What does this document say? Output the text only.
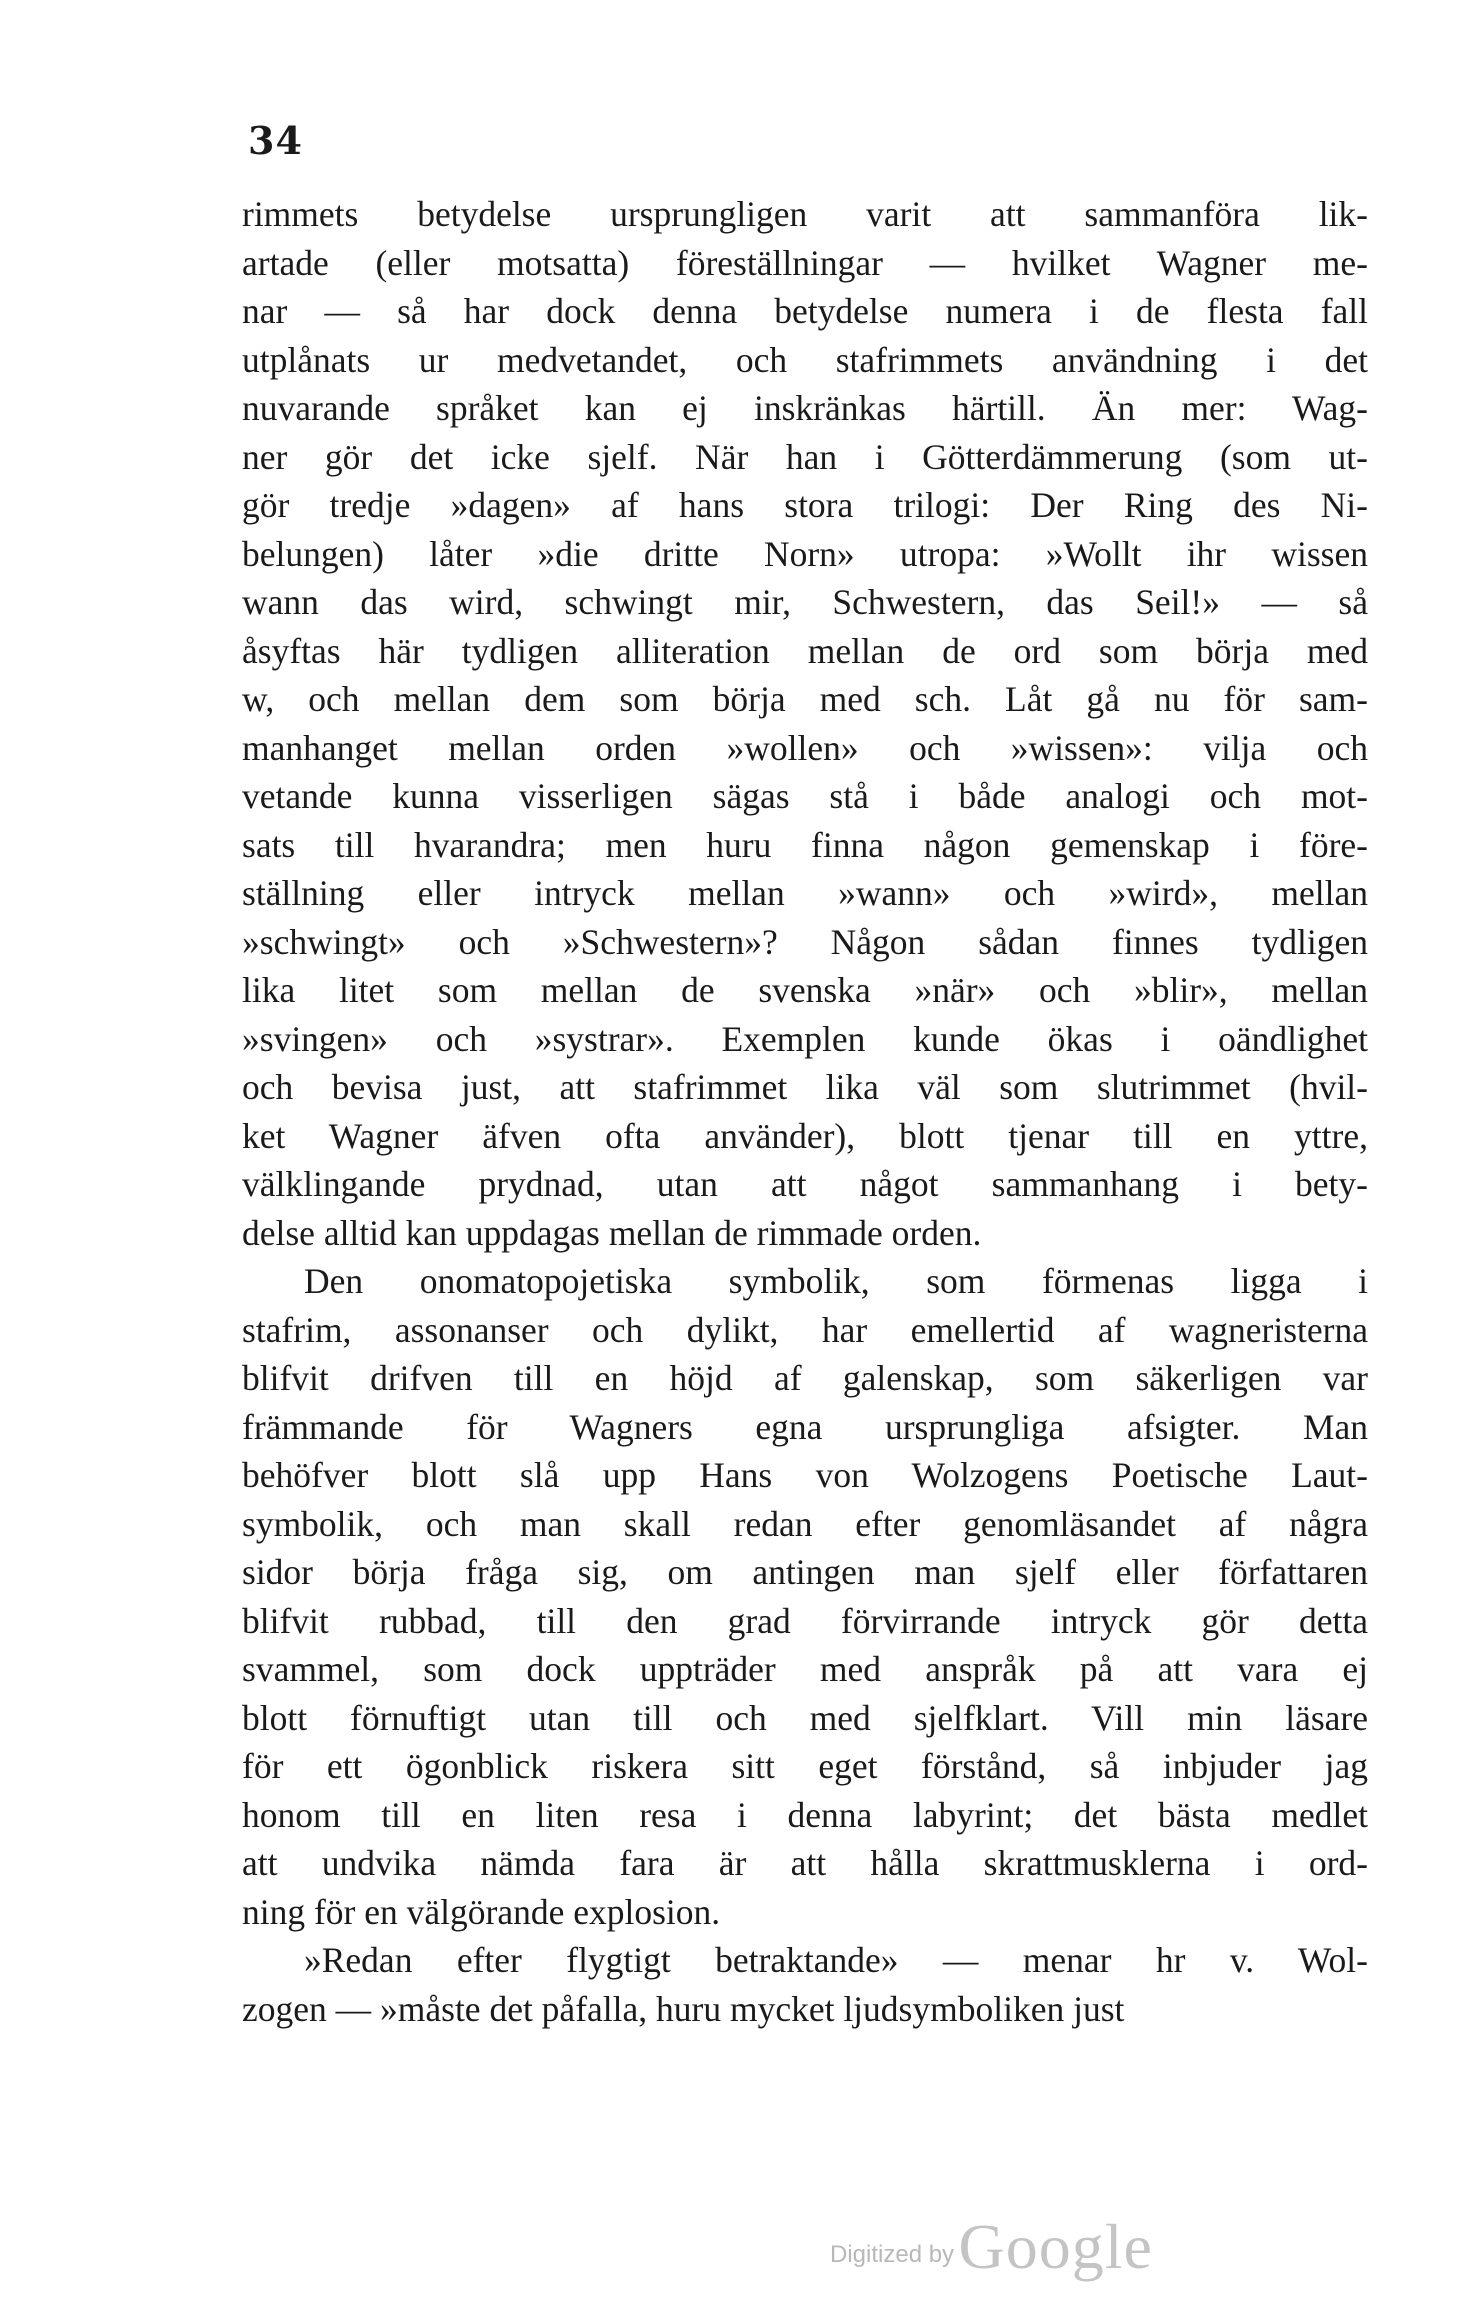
34
rimmets betydelse ursprungligen varit att sammanföra lik-
artade (eller motsatta) föreställningar — hvilket Wagner me-
nar — så har dock denna betydelse numera i de flesta fall
utplånats ur medvetandet, och stafrimmets användning i det
nuvarande språket kan ej inskränkas härtill. Än mer: Wag-
ner gör det icke sjelf. När han i Götterdämmerung (som ut-
gör tredje »dagen» af hans stora trilogi: Der Ring des Ni-
belungen) låter »die dritte Norn» utropa: »Wollt ihr wissen
wann das wird, schwingt mir, Schwestern, das Seil!» — så
åsyftas här tydligen alliteration mellan de ord som börja med
w, och mellan dem som börja med sch. Låt gå nu för sam-
manhanget mellan orden »wollen» och »wissen»: vilja och
vetande kunna visserligen sägas stå i både analogi och mot-
sats till hvarandra; men huru finna någon gemenskap i före-
ställning eller intryck mellan »wann» och »wird», mellan
»schwingt» och »Schwestern»? Någon sådan finnes tydligen
lika litet som mellan de svenska »när» och »blir», mellan
»svingen» och »systrar». Exemplen kunde ökas i oändlighet
och bevisa just, att stafrimmet lika väl som slutrimmet (hvil-
ket Wagner äfven ofta använder), blott tjenar till en yttre,
välklingande prydnad, utan att något sammanhang i bety-
delse alltid kan uppdagas mellan de rimmade orden.
Den onomatopojetiska symbolik, som förmenas ligga i
stafrim, assonanser och dylikt, har emellertid af wagneristerna
blifvit drifven till en höjd af galenskap, som säkerligen var
främmande för Wagners egna ursprungliga afsigter. Man
behöfver blott slå upp Hans von Wolzogens Poetische Laut-
symbolik, och man skall redan efter genomläsandet af några
sidor börja fråga sig, om antingen man sjelf eller författaren
blifvit rubbad, till den grad förvirrande intryck gör detta
svammel, som dock uppträder med anspråk på att vara ej
blott förnuftigt utan till och med sjelfklart. Vill min läsare
för ett ögonblick riskera sitt eget förstånd, så inbjuder jag
honom till en liten resa i denna labyrint; det bästa medlet
att undvika nämda fara är att hålla skrattmusklerna i ord-
ning för en välgörande explosion.
»Redan efter flygtigt betraktande» — menar hr v. Wol-
zogen — »måste det påfalla, huru mycket ljudsymboliken just
Digitized by Google
